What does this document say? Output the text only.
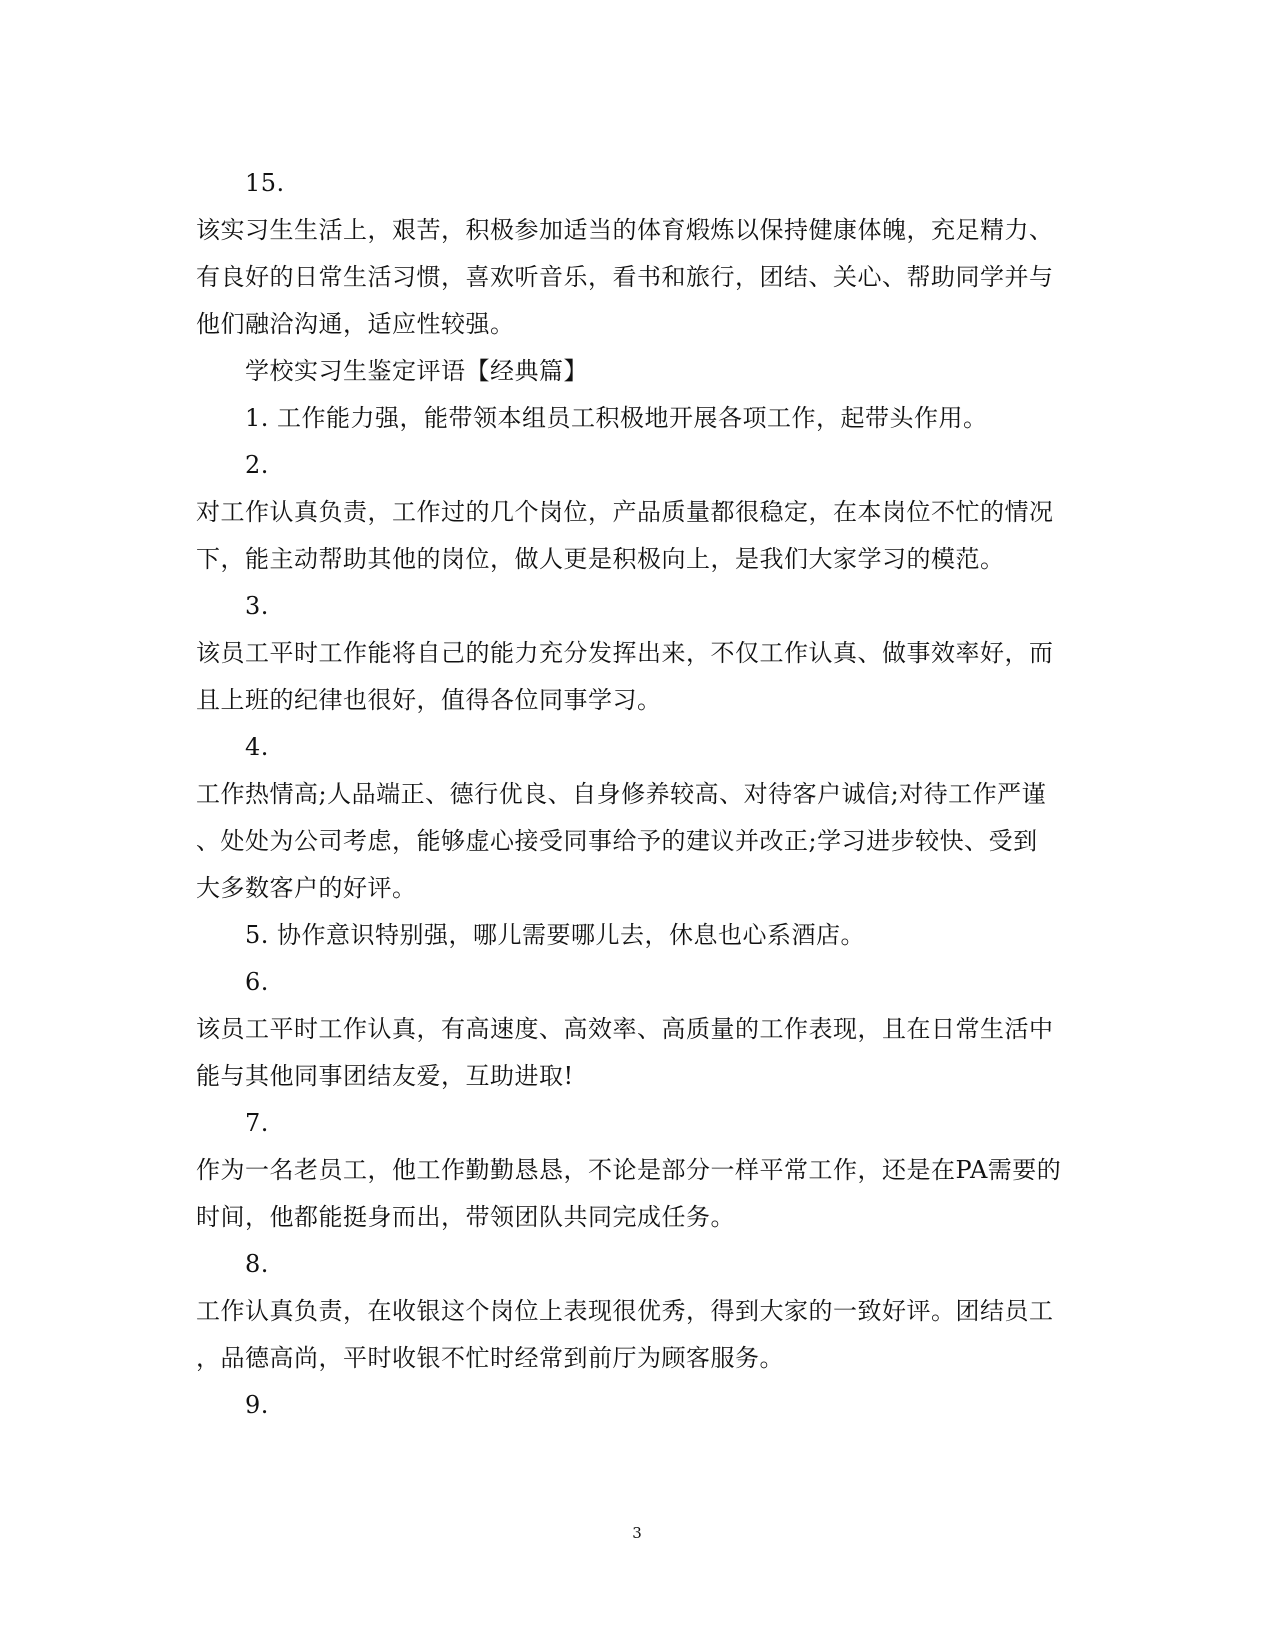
15.
该实习生生活上，艰苦，积极参加适当的体育煅炼以保持健康体魄，充足精力、
有良好的日常生活习惯，喜欢听音乐，看书和旅行，团结、关心、帮助同学并与
他们融洽沟通，适应性较强。
学校实习生鉴定评语【经典篇】
1. 工作能力强，能带领本组员工积极地开展各项工作，起带头作用。
2.
对工作认真负责，工作过的几个岗位，产品质量都很稳定，在本岗位不忙的情况
下，能主动帮助其他的岗位，做人更是积极向上，是我们大家学习的模范。
3.
该员工平时工作能将自己的能力充分发挥出来，不仅工作认真、做事效率好，而
且上班的纪律也很好，值得各位同事学习。
4.
工作热情高;人品端正、德行优良、自身修养较高、对待客户诚信;对待工作严谨
、处处为公司考虑，能够虚心接受同事给予的建议并改正;学习进步较快、受到
大多数客户的好评。
5. 协作意识特别强，哪儿需要哪儿去，休息也心系酒店。
6.
该员工平时工作认真，有高速度、高效率、高质量的工作表现，且在日常生活中
能与其他同事团结友爱，互助进取!
7.
作为一名老员工，他工作勤勤恳恳，不论是部分一样平常工作，还是在PA需要的
时间，他都能挺身而出，带领团队共同完成任务。
8.
工作认真负责，在收银这个岗位上表现很优秀，得到大家的一致好评。团结员工
，品德高尚，平时收银不忙时经常到前厅为顾客服务。
9.
3
